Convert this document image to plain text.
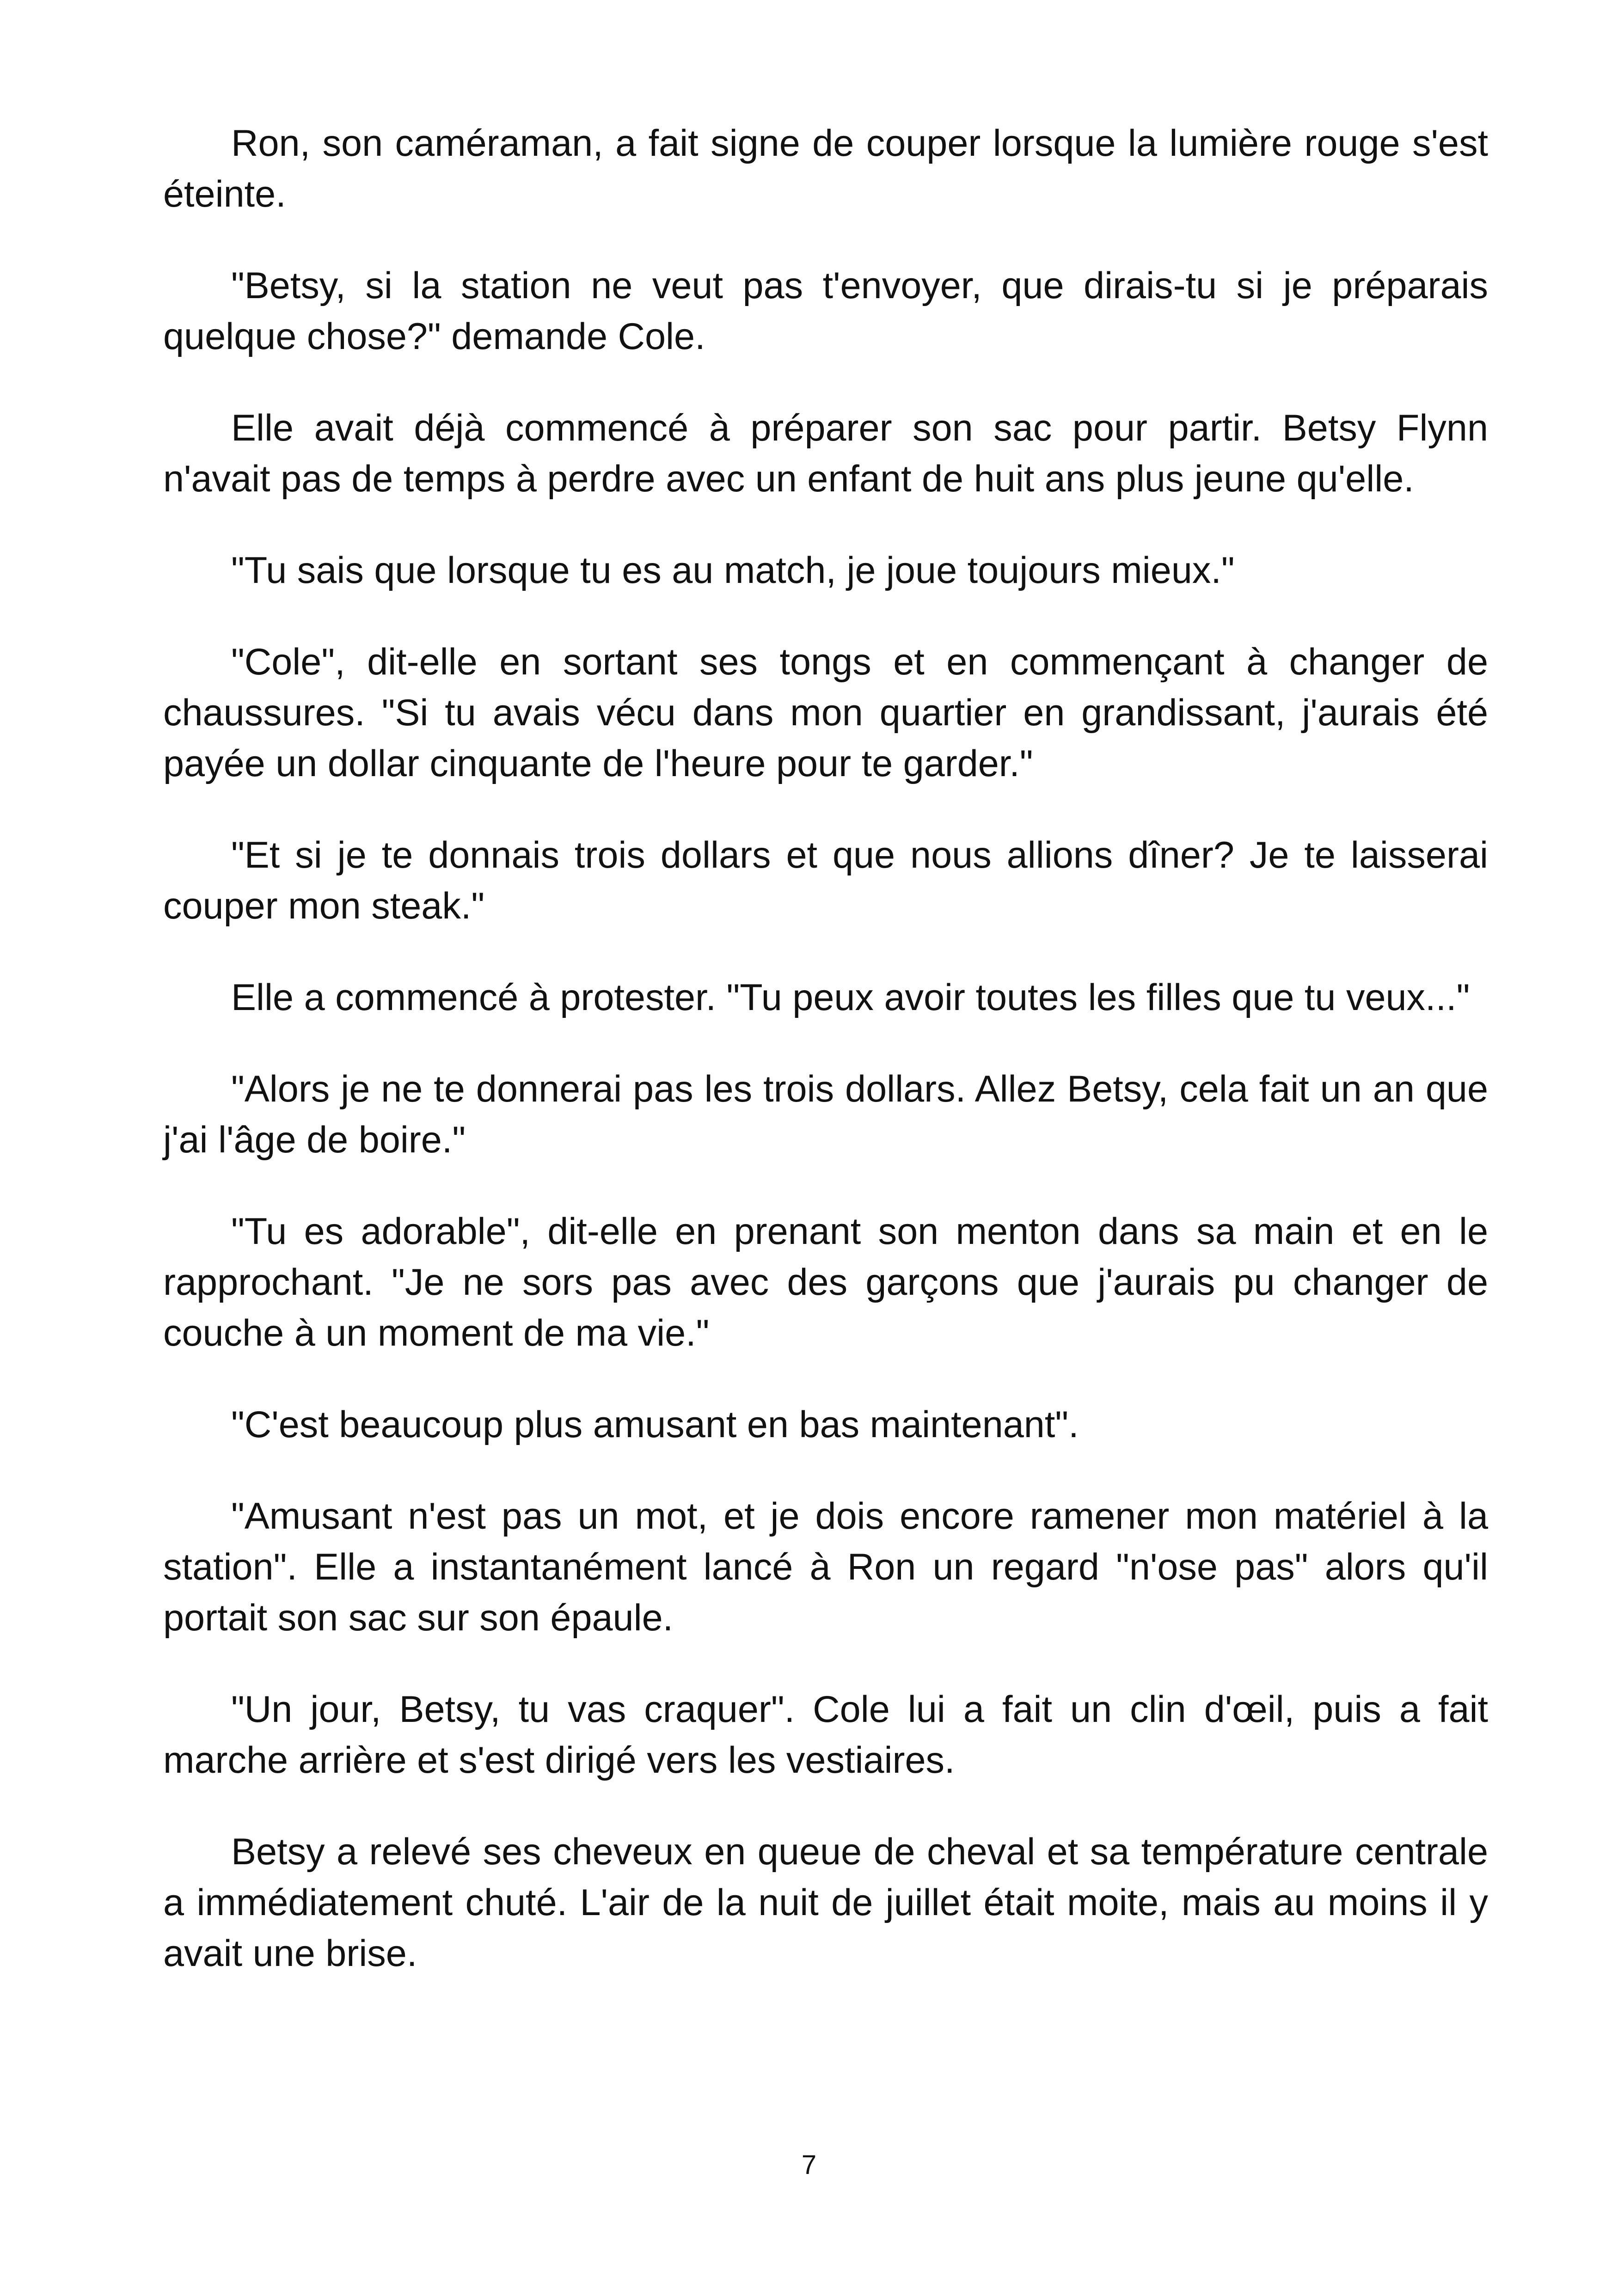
Ron, son caméraman, a fait signe de couper lorsque la lumière rouge s'est éteinte.

"Betsy, si la station ne veut pas t'envoyer, que dirais-tu si je préparais quelque chose?" demande Cole.

Elle avait déjà commencé à préparer son sac pour partir. Betsy Flynn n'avait pas de temps à perdre avec un enfant de huit ans plus jeune qu'elle.

"Tu sais que lorsque tu es au match, je joue toujours mieux."

"Cole", dit-elle en sortant ses tongs et en commençant à changer de chaussures. "Si tu avais vécu dans mon quartier en grandissant, j'aurais été payée un dollar cinquante de l'heure pour te garder."

"Et si je te donnais trois dollars et que nous allions dîner? Je te laisserai couper mon steak."

Elle a commencé à protester. "Tu peux avoir toutes les filles que tu veux..."

"Alors je ne te donnerai pas les trois dollars. Allez Betsy, cela fait un an que j'ai l'âge de boire."

"Tu es adorable", dit-elle en prenant son menton dans sa main et en le rapprochant. "Je ne sors pas avec des garçons que j'aurais pu changer de couche à un moment de ma vie."

"C'est beaucoup plus amusant en bas maintenant".

"Amusant n'est pas un mot, et je dois encore ramener mon matériel à la station". Elle a instantanément lancé à Ron un regard "n'ose pas" alors qu'il portait son sac sur son épaule.

"Un jour, Betsy, tu vas craquer". Cole lui a fait un clin d'œil, puis a fait marche arrière et s'est dirigé vers les vestiaires.

Betsy a relevé ses cheveux en queue de cheval et sa température centrale a immédiatement chuté. L'air de la nuit de juillet était moite, mais au moins il y avait une brise.

7
